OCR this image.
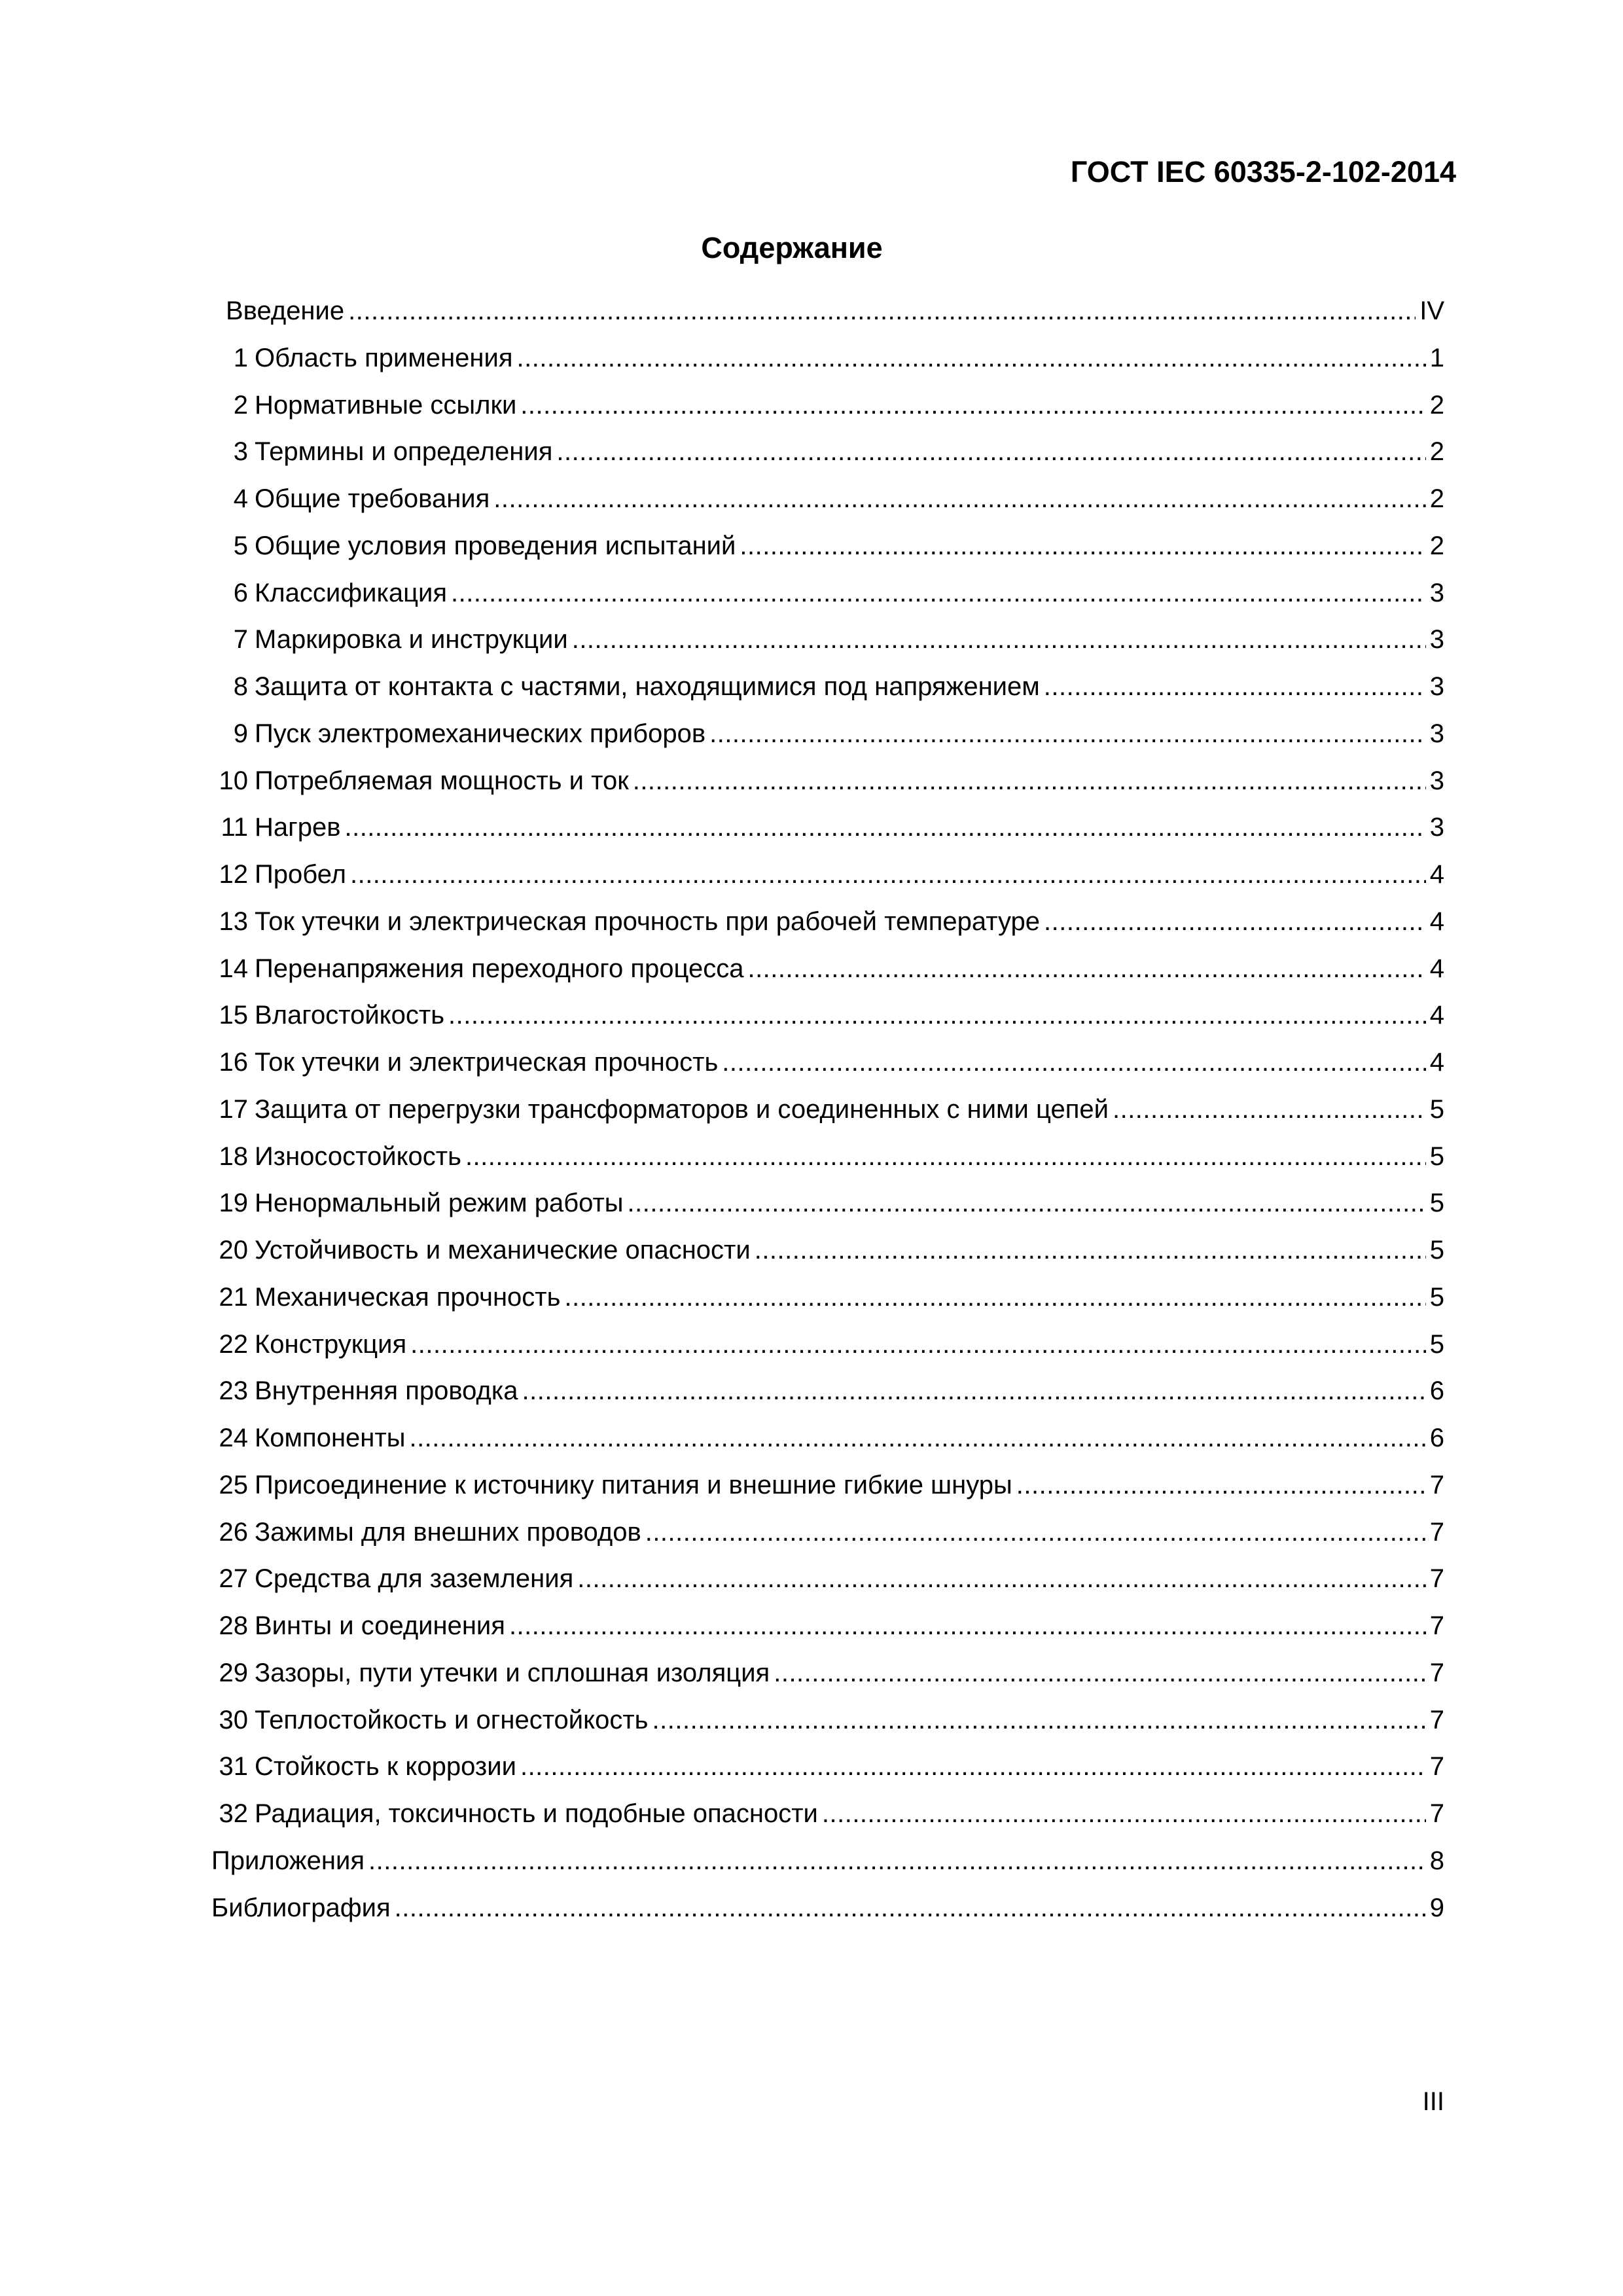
ГОСТ IEC 60335-2-102-2014
Содержание
Введение .....	IV
1 Область применения .....	1
2 Нормативные ссылки .....	2
3 Термины и определения .....	2
4 Общие требования .....	2
5 Общие условия проведения испытаний .....	2
6 Классификация .....	3
7 Маркировка и инструкции .....	3
8 Защита от контакта с частями, находящимися под напряжением .....	3
9 Пуск электромеханических приборов .....	3
10 Потребляемая мощность и ток .....	3
11 Нагрев .....	3
12 Пробел .....	4
13 Ток утечки и электрическая прочность при рабочей температуре .....	4
14 Перенапряжения переходного процесса .....	4
15 Влагостойкость .....	4
16 Ток утечки и электрическая прочность .....	4
17 Защита от перегрузки трансформаторов и соединенных с ними цепей .....	5
18 Износостойкость .....	5
19 Ненормальный режим работы .....	5
20 Устойчивость и механические опасности .....	5
21 Механическая прочность .....	5
22 Конструкция .....	5
23 Внутренняя проводка .....	6
24 Компоненты .....	6
25 Присоединение к источнику питания и внешние гибкие шнуры .....	7
26 Зажимы для внешних проводов .....	7
27 Средства для заземления .....	7
28 Винты и соединения .....	7
29 Зазоры, пути утечки и сплошная изоляция .....	7
30 Теплостойкость и огнестойкость .....	7
31 Стойкость к коррозии .....	7
32 Радиация, токсичность и подобные опасности .....	7
Приложения .....	8
Библиография .....	9
III
